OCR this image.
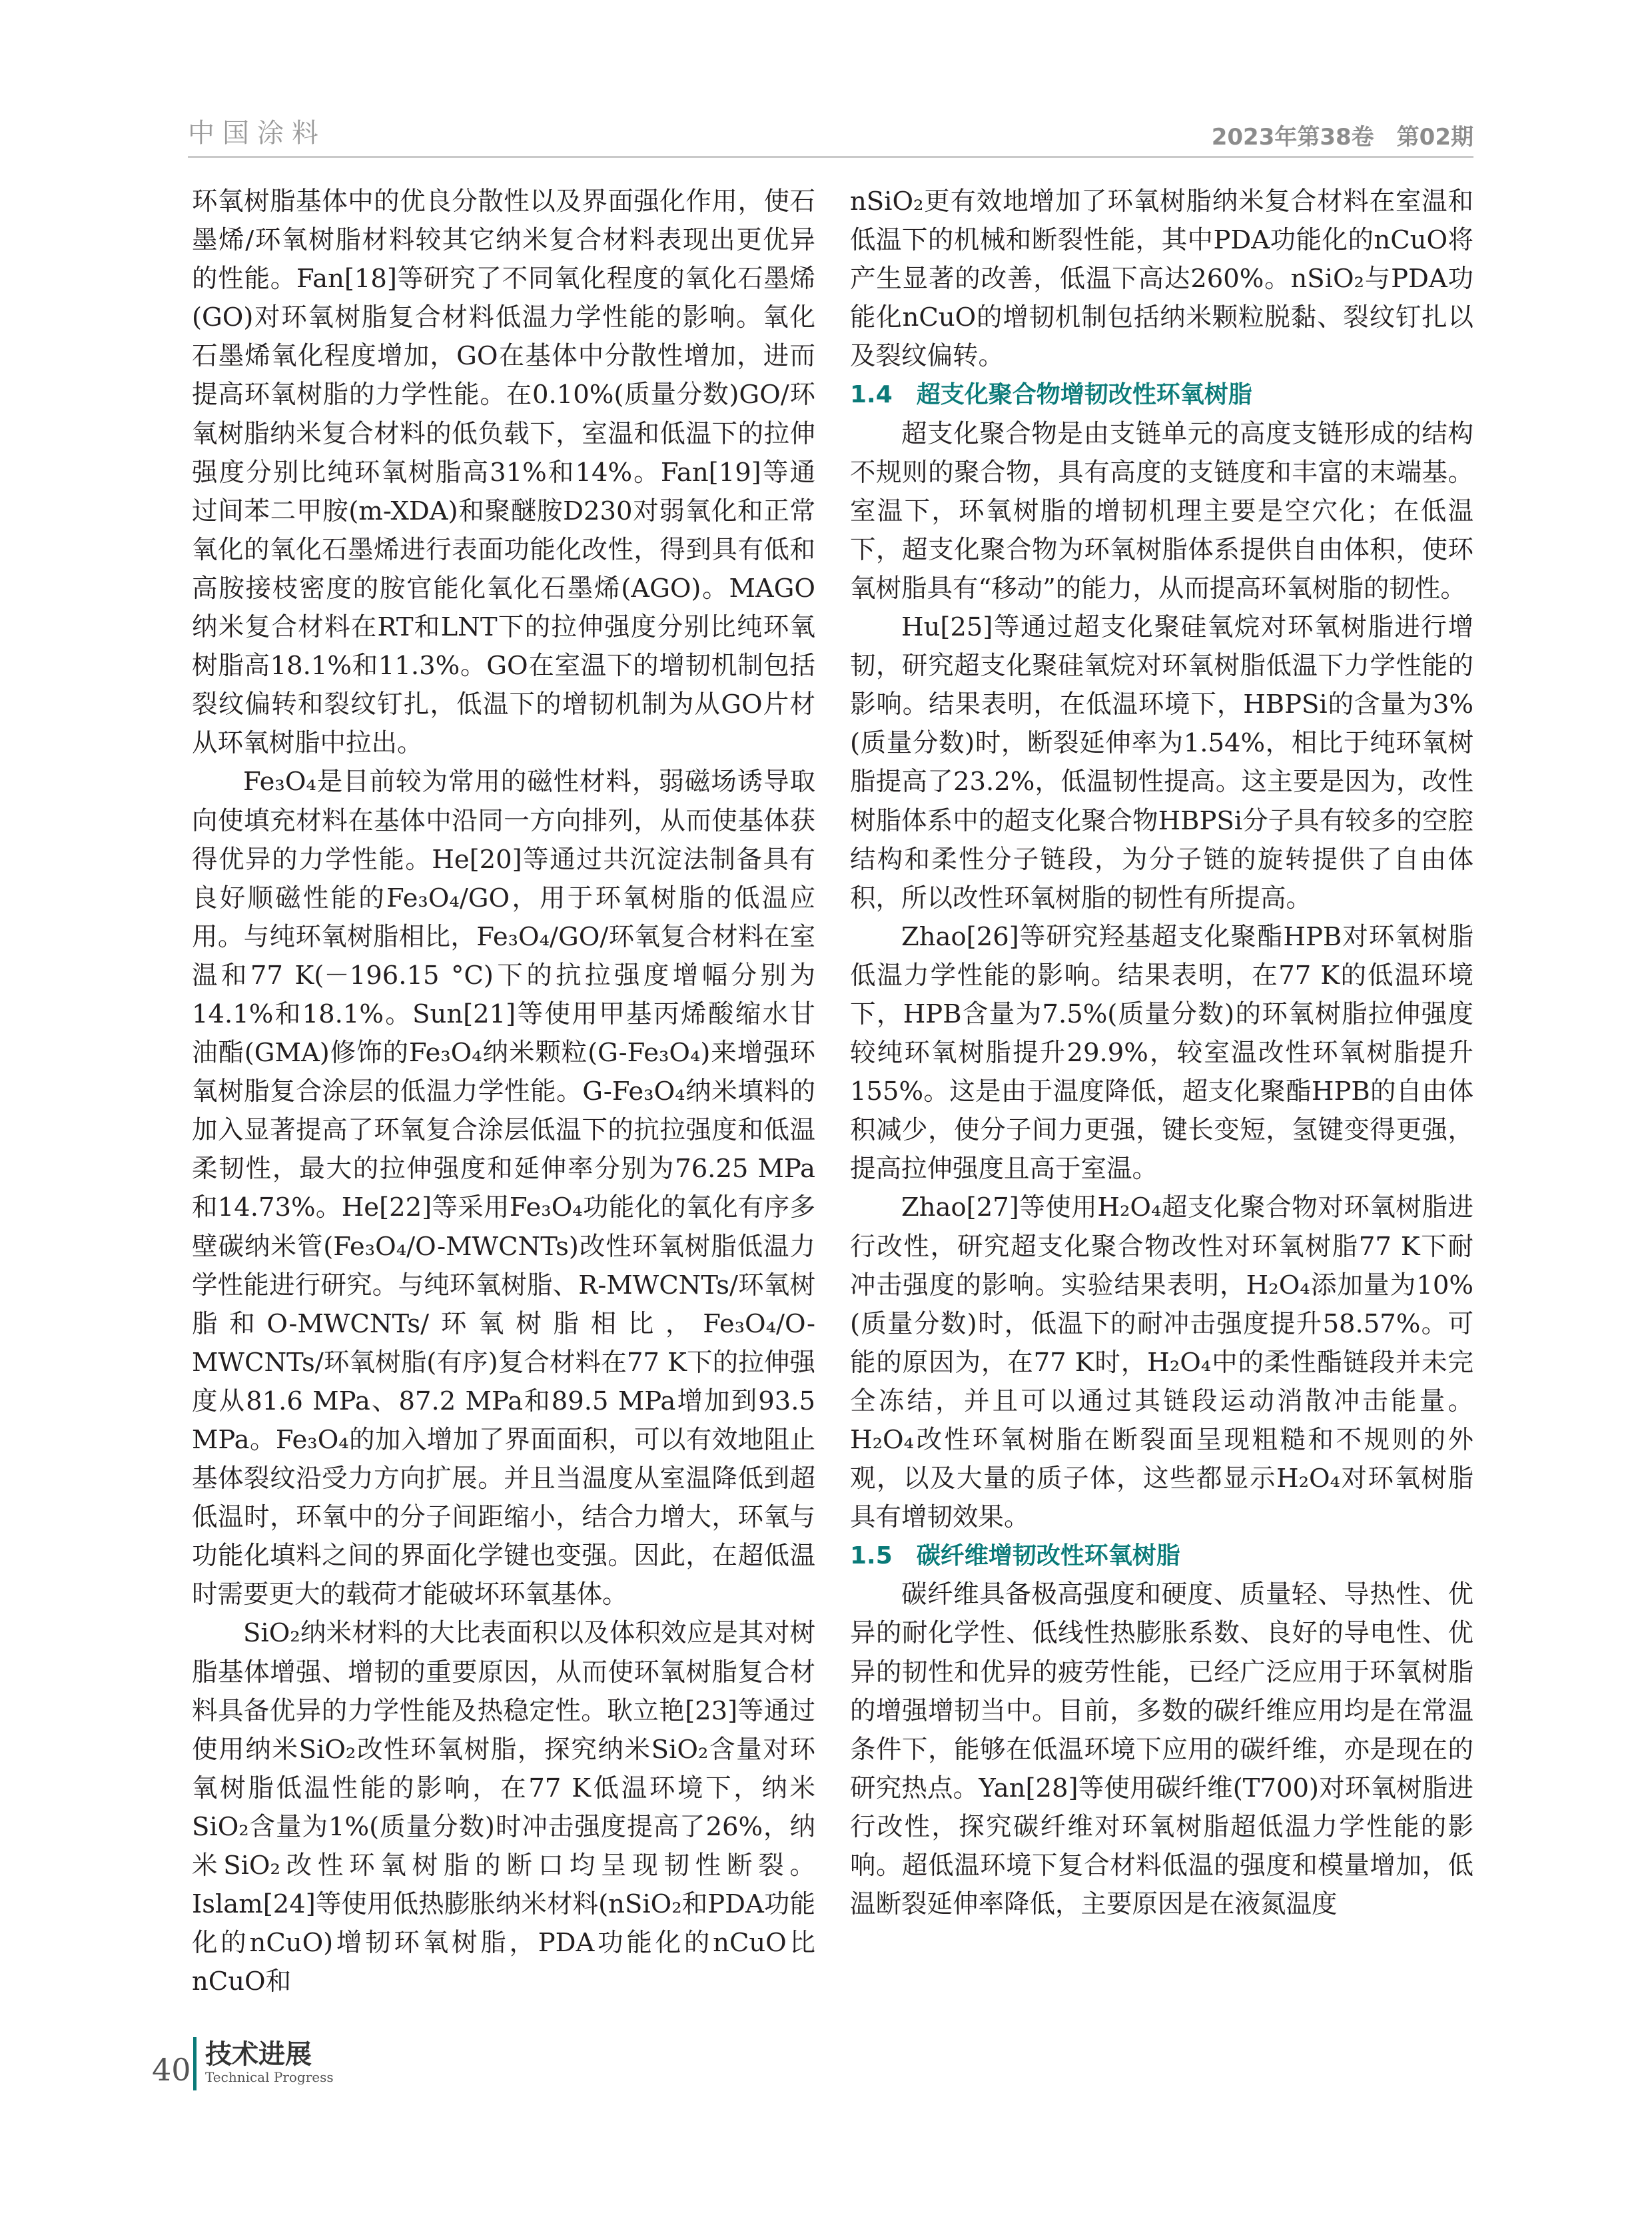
中国涂料	2023年第38卷　第02期

环氧树脂基体中的优良分散性以及界面强化作用，使石墨烯/环氧树脂材料较其它纳米复合材料表现出更优异的性能。Fan[18]等研究了不同氧化程度的氧化石墨烯(GO)对环氧树脂复合材料低温力学性能的影响。氧化石墨烯氧化程度增加，GO在基体中分散性增加，进而提高环氧树脂的力学性能。在0.10%(质量分数)GO/环氧树脂纳米复合材料的低负载下，室温和低温下的拉伸强度分别比纯环氧树脂高31%和14%。Fan[19]等通过间苯二甲胺(m-XDA)和聚醚胺D230对弱氧化和正常氧化的氧化石墨烯进行表面功能化改性，得到具有低和高胺接枝密度的胺官能化氧化石墨烯(AGO)。MAGO纳米复合材料在RT和LNT下的拉伸强度分别比纯环氧树脂高18.1%和11.3%。GO在室温下的增韧机制包括裂纹偏转和裂纹钉扎，低温下的增韧机制为从GO片材从环氧树脂中拉出。

Fe₃O₄是目前较为常用的磁性材料，弱磁场诱导取向使填充材料在基体中沿同一方向排列，从而使基体获得优异的力学性能。He[20]等通过共沉淀法制备具有良好顺磁性能的Fe₃O₄/GO，用于环氧树脂的低温应用。与纯环氧树脂相比，Fe₃O₄/GO/环氧复合材料在室温和77 K(－196.15 °C)下的抗拉强度增幅分别为14.1%和18.1%。Sun[21]等使用甲基丙烯酸缩水甘油酯(GMA)修饰的Fe₃O₄纳米颗粒(G-Fe₃O₄)来增强环氧树脂复合涂层的低温力学性能。G-Fe₃O₄纳米填料的加入显著提高了环氧复合涂层低温下的抗拉强度和低温柔韧性，最大的拉伸强度和延伸率分别为76.25 MPa和14.73%。He[22]等采用Fe₃O₄功能化的氧化有序多壁碳纳米管(Fe₃O₄/O-MWCNTs)改性环氧树脂低温力学性能进行研究。与纯环氧树脂、R-MWCNTs/环氧树脂和O-MWCNTs/环氧树脂相比，Fe₃O₄/O-MWCNTs/环氧树脂(有序)复合材料在77 K下的拉伸强度从81.6 MPa、87.2 MPa和89.5 MPa增加到93.5 MPa。Fe₃O₄的加入增加了界面面积，可以有效地阻止基体裂纹沿受力方向扩展。并且当温度从室温降低到超低温时，环氧中的分子间距缩小，结合力增大，环氧与功能化填料之间的界面化学键也变强。因此，在超低温时需要更大的载荷才能破坏环氧基体。

SiO₂纳米材料的大比表面积以及体积效应是其对树脂基体增强、增韧的重要原因，从而使环氧树脂复合材料具备优异的力学性能及热稳定性。耿立艳[23]等通过使用纳米SiO₂改性环氧树脂，探究纳米SiO₂含量对环氧树脂低温性能的影响，在77 K低温环境下，纳米SiO₂含量为1%(质量分数)时冲击强度提高了26%，纳米SiO₂改性环氧树脂的断口均呈现韧性断裂。Islam[24]等使用低热膨胀纳米材料(nSiO₂和PDA功能化的nCuO)增韧环氧树脂，PDA功能化的nCuO比nCuO和

nSiO₂更有效地增加了环氧树脂纳米复合材料在室温和低温下的机械和断裂性能，其中PDA功能化的nCuO将产生显著的改善，低温下高达260%。nSiO₂与PDA功能化nCuO的增韧机制包括纳米颗粒脱黏、裂纹钉扎以及裂纹偏转。

1.4　超支化聚合物增韧改性环氧树脂

超支化聚合物是由支链单元的高度支链形成的结构不规则的聚合物，具有高度的支链度和丰富的末端基。室温下，环氧树脂的增韧机理主要是空穴化；在低温下，超支化聚合物为环氧树脂体系提供自由体积，使环氧树脂具有“移动”的能力，从而提高环氧树脂的韧性。

Hu[25]等通过超支化聚硅氧烷对环氧树脂进行增韧，研究超支化聚硅氧烷对环氧树脂低温下力学性能的影响。结果表明，在低温环境下，HBPSi的含量为3%(质量分数)时，断裂延伸率为1.54%，相比于纯环氧树脂提高了23.2%，低温韧性提高。这主要是因为，改性树脂体系中的超支化聚合物HBPSi分子具有较多的空腔结构和柔性分子链段，为分子链的旋转提供了自由体积，所以改性环氧树脂的韧性有所提高。

Zhao[26]等研究羟基超支化聚酯HPB对环氧树脂低温力学性能的影响。结果表明，在77 K的低温环境下，HPB含量为7.5%(质量分数)的环氧树脂拉伸强度较纯环氧树脂提升29.9%，较室温改性环氧树脂提升155%。这是由于温度降低，超支化聚酯HPB的自由体积减少，使分子间力更强，键长变短，氢键变得更强，提高拉伸强度且高于室温。

Zhao[27]等使用H₂O₄超支化聚合物对环氧树脂进行改性，研究超支化聚合物改性对环氧树脂77 K下耐冲击强度的影响。实验结果表明，H₂O₄添加量为10%(质量分数)时，低温下的耐冲击强度提升58.57%。可能的原因为，在77 K时，H₂O₄中的柔性酯链段并未完全冻结，并且可以通过其链段运动消散冲击能量。H₂O₄改性环氧树脂在断裂面呈现粗糙和不规则的外观，以及大量的质子体，这些都显示H₂O₄对环氧树脂具有增韧效果。

1.5　碳纤维增韧改性环氧树脂

碳纤维具备极高强度和硬度、质量轻、导热性、优异的耐化学性、低线性热膨胀系数、良好的导电性、优异的韧性和优异的疲劳性能，已经广泛应用于环氧树脂的增强增韧当中。目前，多数的碳纤维应用均是在常温条件下，能够在低温环境下应用的碳纤维，亦是现在的研究热点。Yan[28]等使用碳纤维(T700)对环氧树脂进行改性，探究碳纤维对环氧树脂超低温力学性能的影响。超低温环境下复合材料低温的强度和模量增加，低温断裂延伸率降低，主要原因是在液氮温度

40 技术进展
Technical Progress
